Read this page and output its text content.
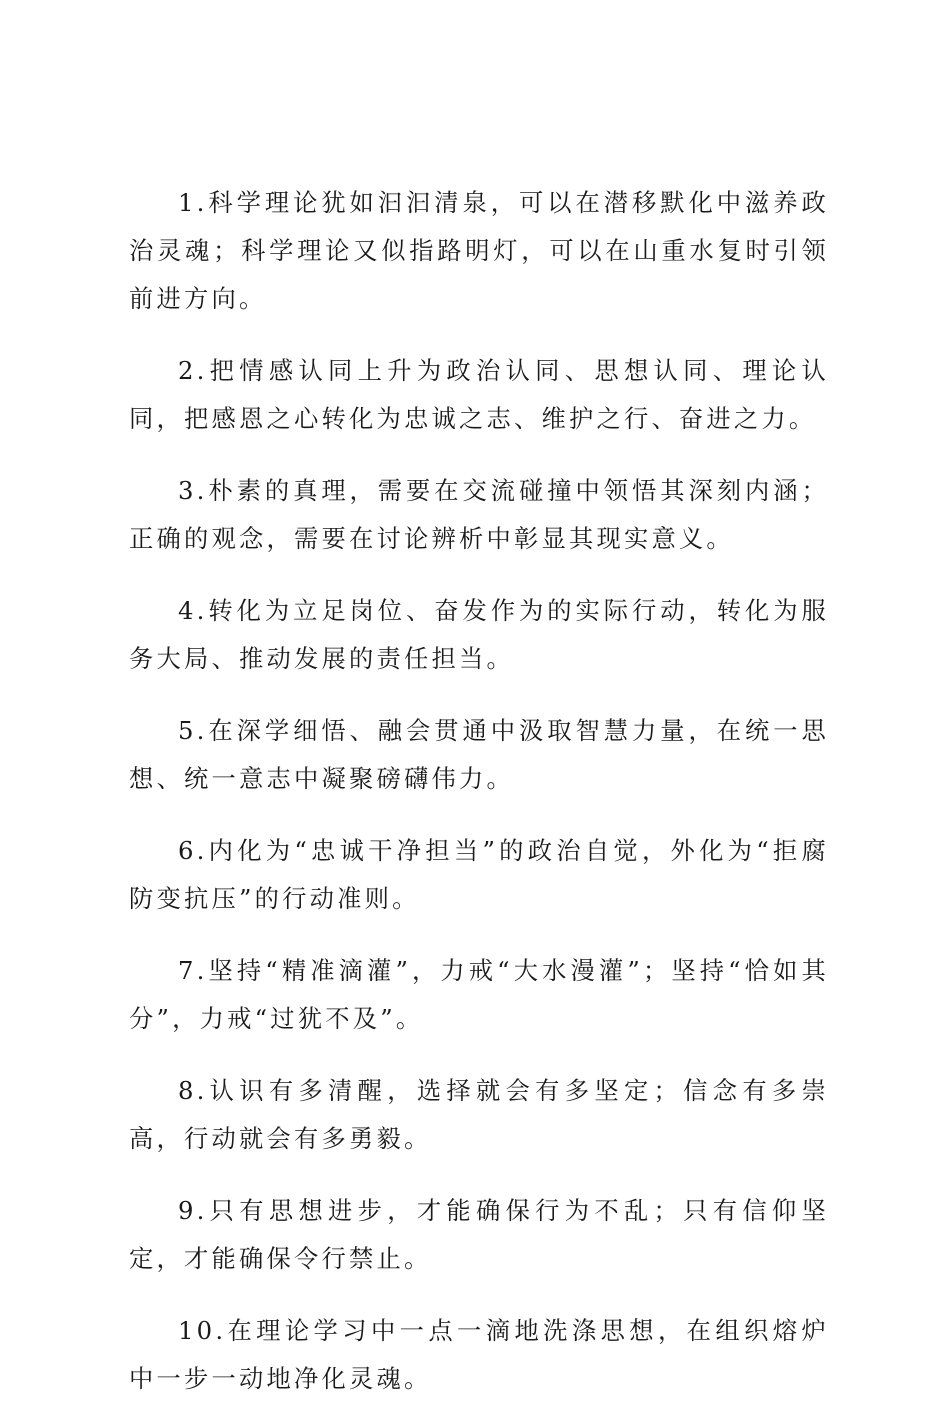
1.科学理论犹如汩汩清泉，可以在潜移默化中滋养政治灵魂；科学理论又似指路明灯，可以在山重水复时引领前进方向。

2.把情感认同上升为政治认同、思想认同、理论认同，把感恩之心转化为忠诚之志、维护之行、奋进之力。

3.朴素的真理，需要在交流碰撞中领悟其深刻内涵；正确的观念，需要在讨论辨析中彰显其现实意义。

4.转化为立足岗位、奋发作为的实际行动，转化为服务大局、推动发展的责任担当。

5.在深学细悟、融会贯通中汲取智慧力量，在统一思想、统一意志中凝聚磅礴伟力。

6.内化为“忠诚干净担当”的政治自觉，外化为“拒腐防变抗压”的行动准则。

7.坚持“精准滴灌”，力戒“大水漫灌”；坚持“恰如其分”，力戒“过犹不及”。

8.认识有多清醒，选择就会有多坚定；信念有多崇高，行动就会有多勇毅。

9.只有思想进步，才能确保行为不乱；只有信仰坚定，才能确保令行禁止。

10.在理论学习中一点一滴地洗涤思想，在组织熔炉中一步一动地净化灵魂。
